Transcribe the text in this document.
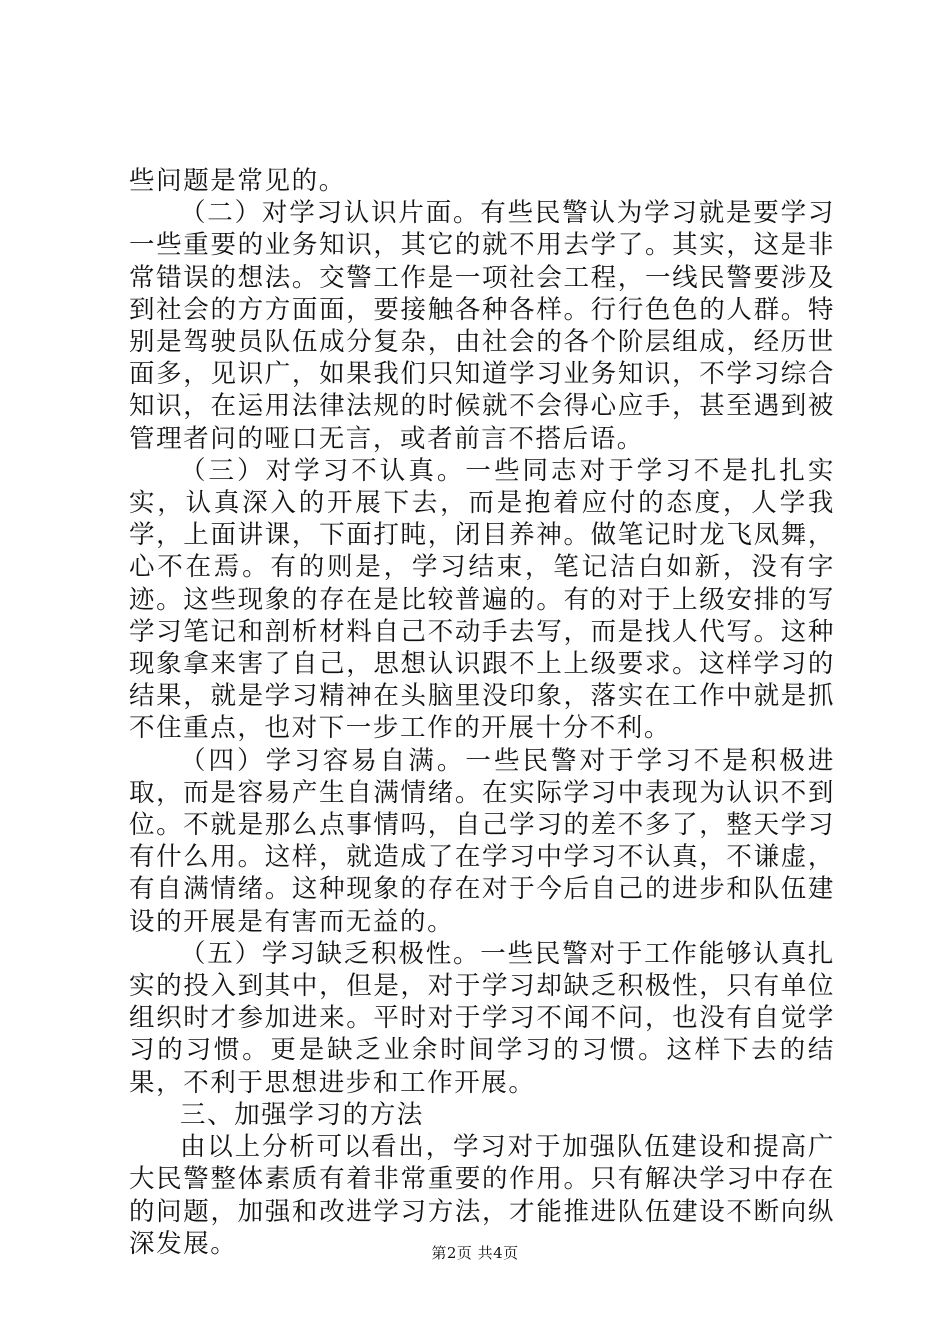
些问题是常见的。

（二）对学习认识片面。有些民警认为学习就是要学习一些重要的业务知识，其它的就不用去学了。其实，这是非常错误的想法。交警工作是一项社会工程，一线民警要涉及到社会的方方面面，要接触各种各样。行行色色的人群。特别是驾驶员队伍成分复杂，由社会的各个阶层组成，经历世面多，见识广，如果我们只知道学习业务知识，不学习综合知识，在运用法律法规的时候就不会得心应手，甚至遇到被管理者问的哑口无言，或者前言不搭后语。

（三）对学习不认真。一些同志对于学习不是扎扎实实，认真深入的开展下去，而是抱着应付的态度，人学我学，上面讲课，下面打盹，闭目养神。做笔记时龙飞凤舞，心不在焉。有的则是，学习结束，笔记洁白如新，没有字迹。这些现象的存在是比较普遍的。有的对于上级安排的写学习笔记和剖析材料自己不动手去写，而是找人代写。这种现象拿来害了自己，思想认识跟不上上级要求。这样学习的结果，就是学习精神在头脑里没印象，落实在工作中就是抓不住重点，也对下一步工作的开展十分不利。

（四）学习容易自满。一些民警对于学习不是积极进取，而是容易产生自满情绪。在实际学习中表现为认识不到位。不就是那么点事情吗，自己学习的差不多了，整天学习有什么用。这样，就造成了在学习中学习不认真，不谦虚，有自满情绪。这种现象的存在对于今后自己的进步和队伍建设的开展是有害而无益的。

（五）学习缺乏积极性。一些民警对于工作能够认真扎实的投入到其中，但是，对于学习却缺乏积极性，只有单位组织时才参加进来。平时对于学习不闻不问，也没有自觉学习的习惯。更是缺乏业余时间学习的习惯。这样下去的结果，不利于思想进步和工作开展。

三、加强学习的方法

由以上分析可以看出，学习对于加强队伍建设和提高广大民警整体素质有着非常重要的作用。只有解决学习中存在的问题，加强和改进学习方法，才能推进队伍建设不断向纵深发展。	第2页 共4页
